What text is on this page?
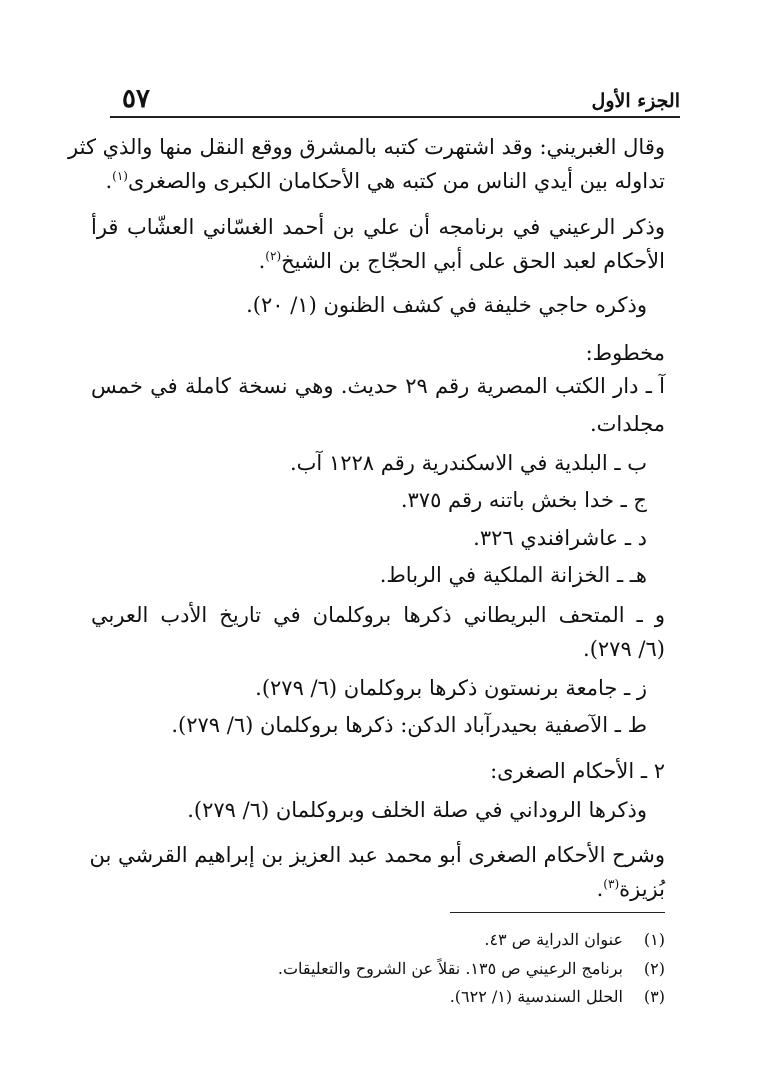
الجزء الأول
٥٧
وقال الغبريني: وقد اشتهرت كتبه بالمشرق ووقع النقل منها والذي كثر
تداوله بين أيدي الناس من كتبه هي الأحكامان الكبرى والصغرى$^{(١)}$.
وذكر الرعيني في برنامجه أن علي بن أحمد الغسّاني العشّاب قرأ
الأحكام لعبد الحق على أبي الحجّاج بن الشيخ$^{(٢)}$.
وذكره حاجي خليفة في كشف الظنون (١/ ٢٠).
مخطوط:
آ ـ دار الكتب المصرية رقم ٢٩ حديث. وهي نسخة كاملة في خمس
مجلدات.
ب ـ البلدية في الاسكندرية رقم ١٢٢٨ آب.
ج ـ خدا بخش باتنه رقم ٣٧٥.
د ـ عاشرافندي ٣٢٦.
هـ ـ الخزانة الملكية في الرباط.
و ـ المتحف البريطاني ذكرها بروكلمان في تاريخ الأدب العربي
(٦/ ٢٧٩).
ز ـ جامعة برنستون ذكرها بروكلمان (٦/ ٢٧٩).
ط ـ الآصفية بحيدرآباد الدكن: ذكرها بروكلمان (٦/ ٢٧٩).
٢ ـ الأحكام الصغرى:
وذكرها الروداني في صلة الخلف وبروكلمان (٦/ ٢٧٩).
وشرح الأحكام الصغرى أبو محمد عبد العزيز بن إبراهيم القرشي بن
بُزيزة$^{(٣)}$.
(١)عنوان الدراية ص ٤٣.
(٢)برنامج الرعيني ص ١٣٥. نقلاً عن الشروح والتعليقات.
(٣)الحلل السندسية (١/ ٦٢٢).
